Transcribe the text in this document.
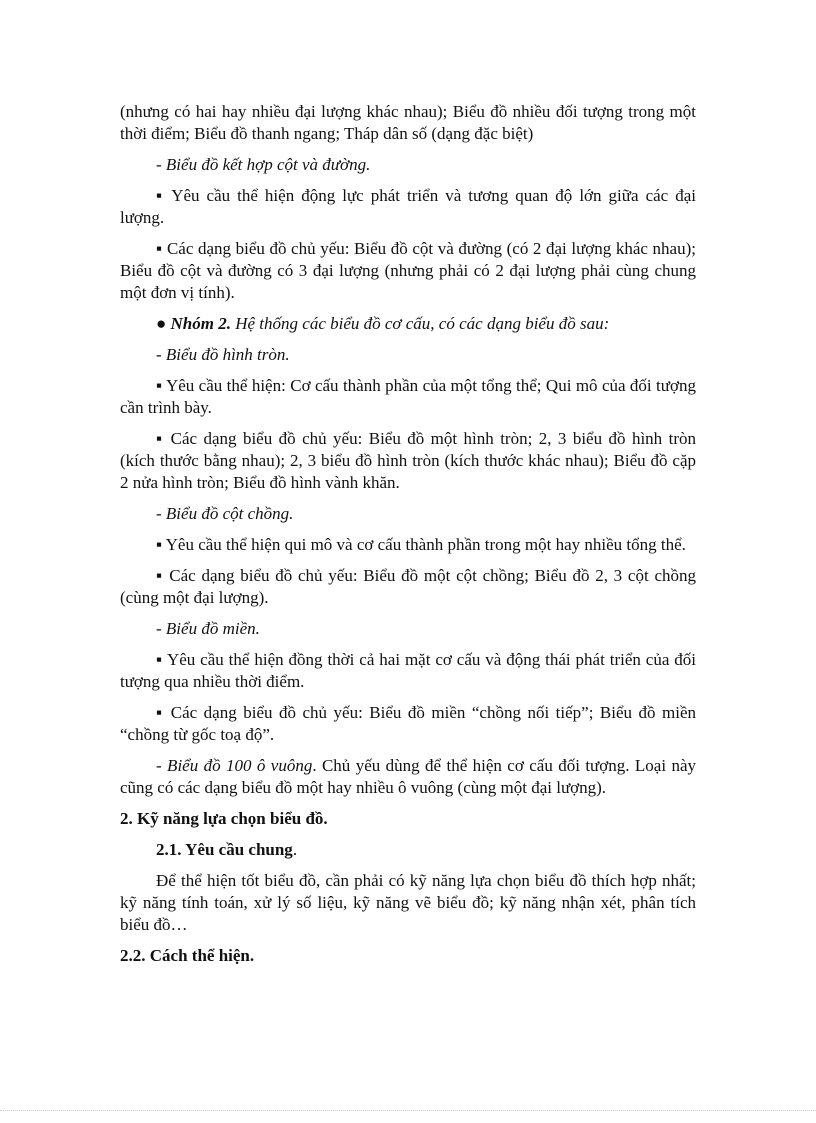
(nhưng có hai hay nhiều đại lượng khác nhau); Biểu đồ nhiều đối tượng trong một thời điểm; Biểu đồ thanh ngang; Tháp dân số (dạng đặc biệt)

- Biểu đồ kết hợp cột và đường.

▪ Yêu cầu thể hiện động lực phát triển và tương quan độ lớn giữa các đại lượng.

▪ Các dạng biểu đồ chủ yếu: Biểu đồ cột và đường (có 2 đại lượng khác nhau); Biểu đồ cột và đường có 3 đại lượng (nhưng phải có 2 đại lượng phải cùng chung một đơn vị tính).

● Nhóm 2. Hệ thống các biểu đồ cơ cấu, có các dạng biểu đồ sau:

- Biểu đồ hình tròn.

▪ Yêu cầu thể hiện: Cơ cấu thành phần của một tổng thể; Qui mô của đối tượng cần trình bày.

▪ Các dạng biểu đồ chủ yếu: Biểu đồ một hình tròn; 2, 3 biểu đồ hình tròn (kích thước bằng nhau); 2, 3 biểu đồ hình tròn (kích thước khác nhau); Biểu đồ cặp 2 nửa hình tròn; Biểu đồ hình vành khăn.

- Biểu đồ cột chồng.

▪ Yêu cầu thể hiện qui mô và cơ cấu thành phần trong một hay nhiều tổng thể.

▪ Các dạng biểu đồ chủ yếu: Biểu đồ một cột chồng; Biểu đồ 2, 3 cột chồng (cùng một đại lượng).

- Biểu đồ miền.

▪ Yêu cầu thể hiện đồng thời cả hai mặt cơ cấu và động thái phát triển của đối tượng qua nhiều thời điểm.

▪ Các dạng biểu đồ chủ yếu: Biểu đồ miền “chồng nối tiếp”; Biểu đồ miền “chồng từ gốc toạ độ”.

- Biểu đồ 100 ô vuông. Chủ yếu dùng để thể hiện cơ cấu đối tượng. Loại này cũng có các dạng biểu đồ một hay nhiều ô vuông (cùng một đại lượng).

2. Kỹ năng lựa chọn biểu đồ.

2.1. Yêu cầu chung.

Để thể hiện tốt biểu đồ, cần phải có kỹ năng lựa chọn biểu đồ thích hợp nhất; kỹ năng tính toán, xử lý số liệu, kỹ năng vẽ biểu đồ; kỹ năng nhận xét, phân tích biểu đồ…

2.2. Cách thể hiện.
